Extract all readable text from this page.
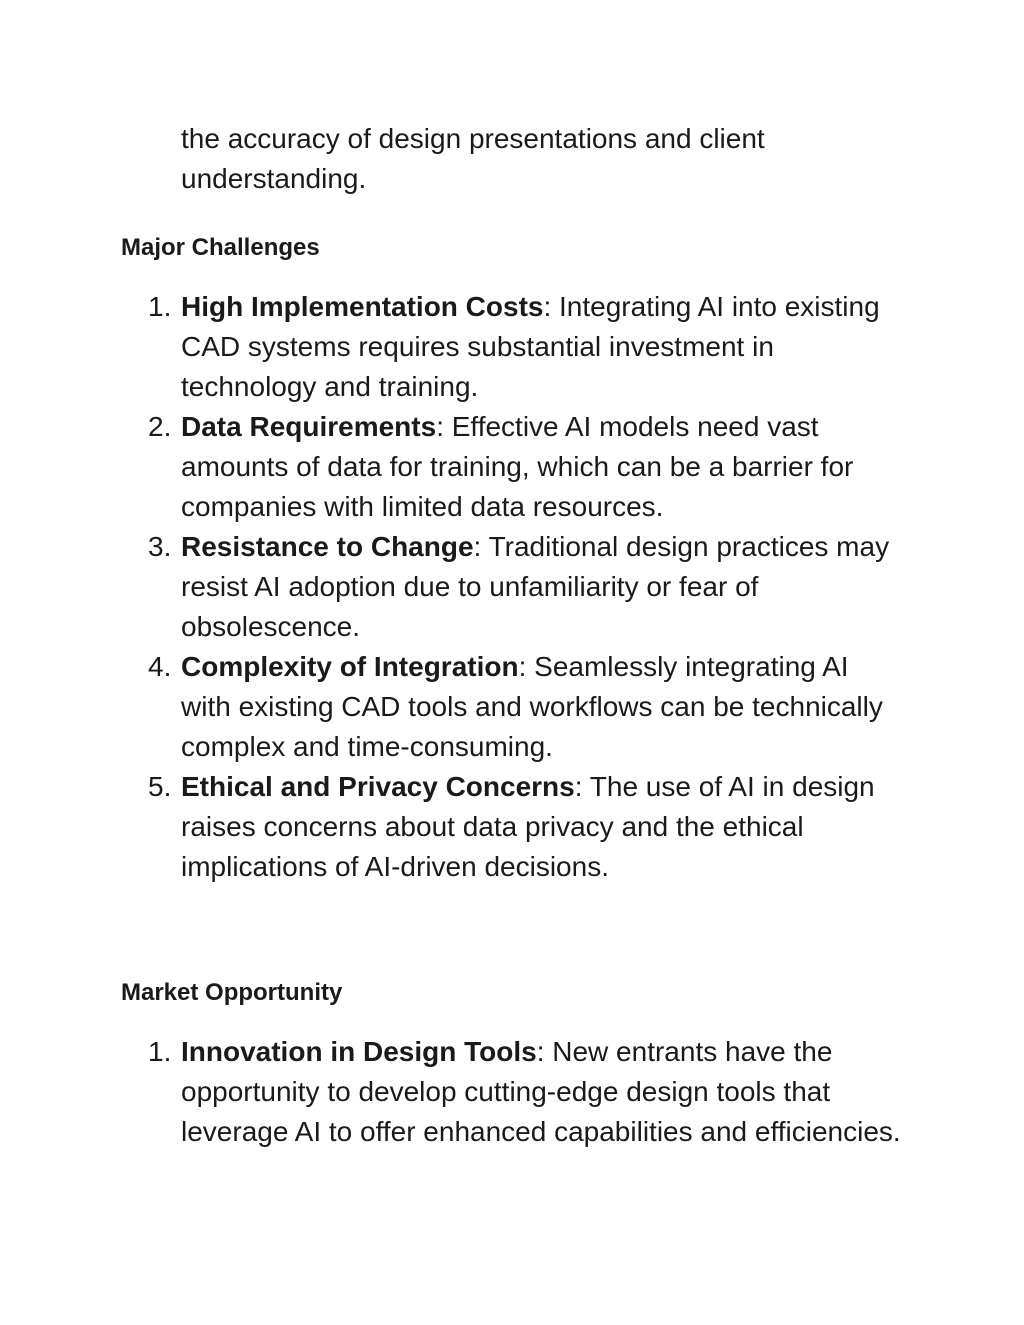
the accuracy of design presentations and client understanding.
Major Challenges
1. High Implementation Costs: Integrating AI into existing CAD systems requires substantial investment in technology and training.
2. Data Requirements: Effective AI models need vast amounts of data for training, which can be a barrier for companies with limited data resources.
3. Resistance to Change: Traditional design practices may resist AI adoption due to unfamiliarity or fear of obsolescence.
4. Complexity of Integration: Seamlessly integrating AI with existing CAD tools and workflows can be technically complex and time-consuming.
5. Ethical and Privacy Concerns: The use of AI in design raises concerns about data privacy and the ethical implications of AI-driven decisions.
Market Opportunity
1. Innovation in Design Tools: New entrants have the opportunity to develop cutting-edge design tools that leverage AI to offer enhanced capabilities and efficiencies.
